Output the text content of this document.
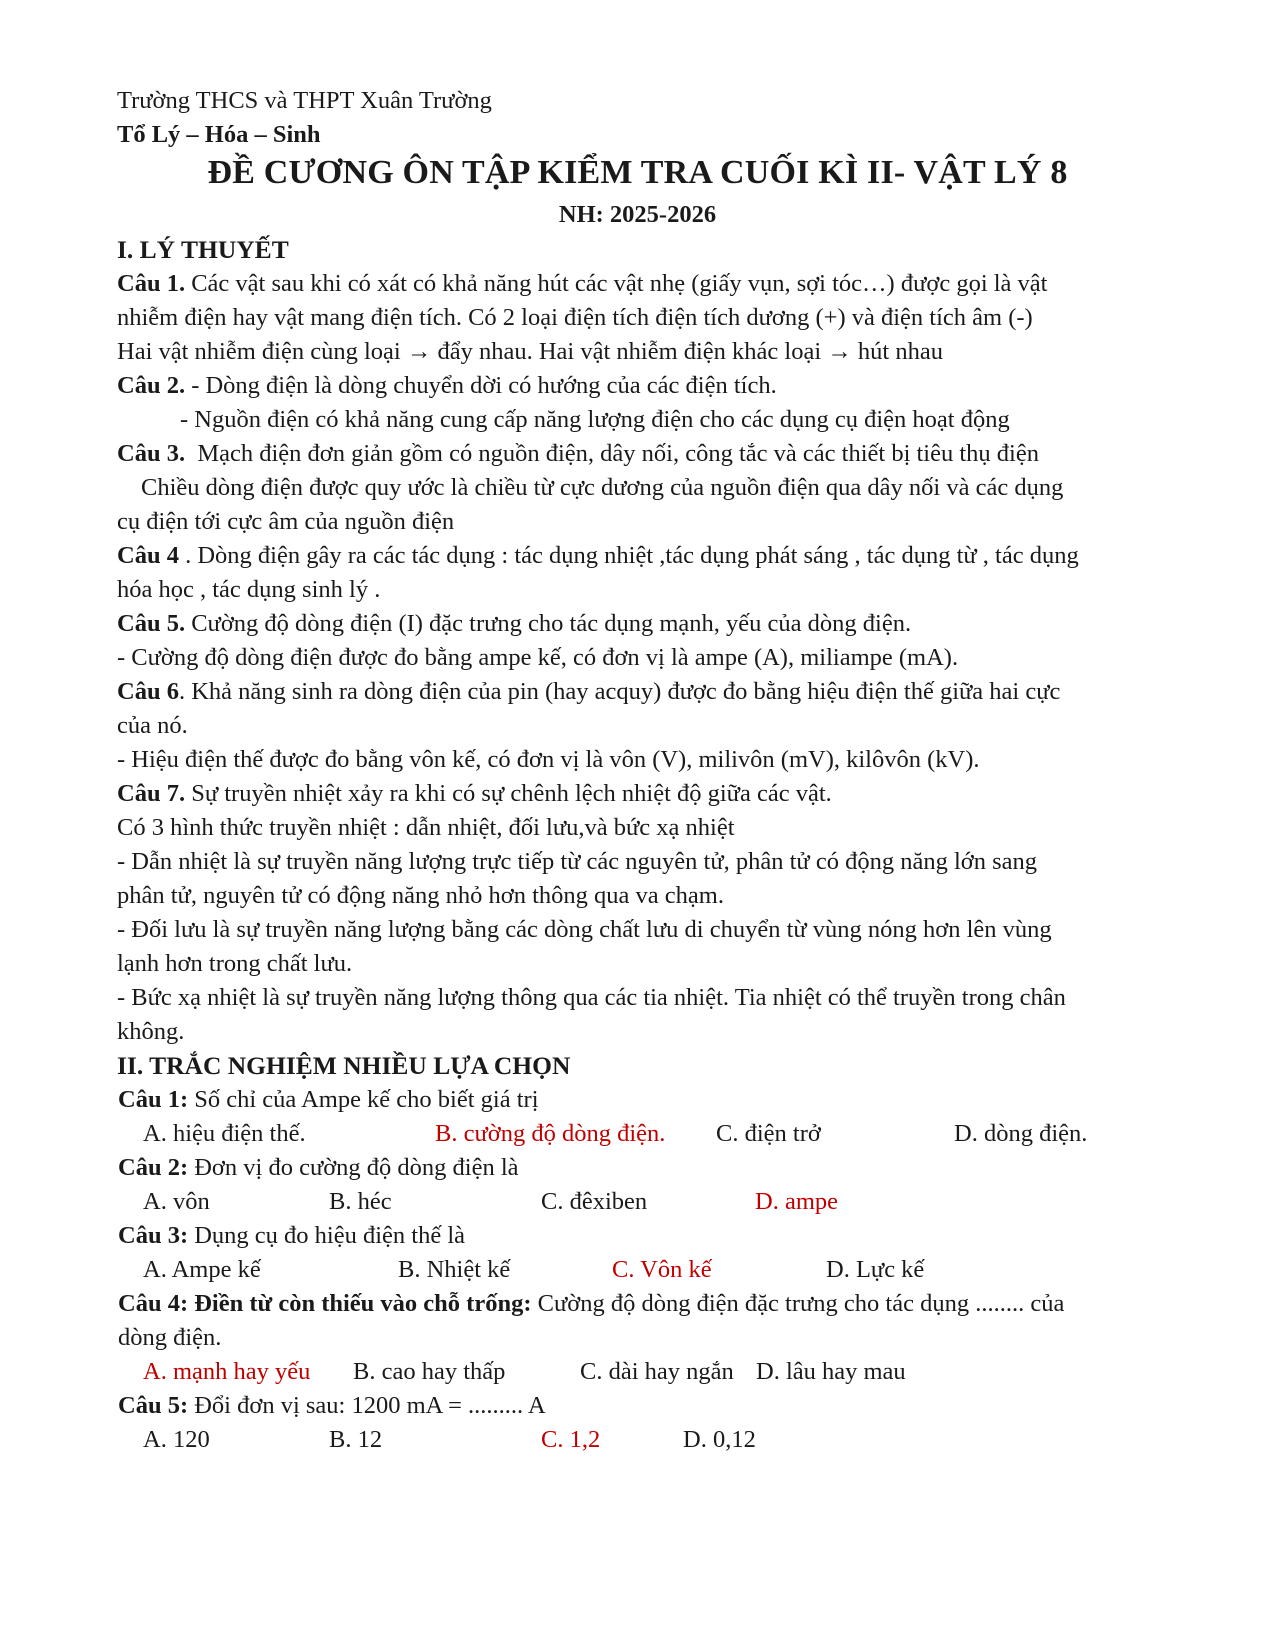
Trường THCS và THPT Xuân Trường
Tổ Lý – Hóa – Sinh
ĐỀ CƯƠNG ÔN TẬP KIỂM TRA CUỐI KÌ II- VẬT LÝ 8
NH: 2025-2026
I. LÝ THUYẾT
Câu 1. Các vật sau khi có xát có khả năng hút các vật nhẹ (giấy vụn, sợi tóc…) được gọi là vật
nhiễm điện hay vật mang điện tích. Có 2 loại điện tích điện tích dương (+) và điện tích âm (-)
Hai vật nhiễm điện cùng loại → đẩy nhau. Hai vật nhiễm điện khác loại → hút nhau
Câu 2. - Dòng điện là dòng chuyển dời có hướng của các điện tích.
- Nguồn điện có khả năng cung cấp năng lượng điện cho các dụng cụ điện hoạt động
Câu 3.  Mạch điện đơn giản gồm có nguồn điện, dây nối, công tắc và các thiết bị tiêu thụ điện
Chiều dòng điện được quy ước là chiều từ cực dương của nguồn điện qua dây nối và các dụng
cụ điện tới cực âm của nguồn điện
Câu 4 . Dòng điện gây ra các tác dụng : tác dụng nhiệt ,tác dụng phát sáng , tác dụng từ , tác dụng
hóa học , tác dụng sinh lý .
Câu 5. Cường độ dòng điện (I) đặc trưng cho tác dụng mạnh, yếu của dòng điện.
- Cường độ dòng điện được đo bằng ampe kế, có đơn vị là ampe (A), miliampe (mA).
Câu 6. Khả năng sinh ra dòng điện của pin (hay acquy) được đo bằng hiệu điện thế giữa hai cực
của nó.
- Hiệu điện thế được đo bằng vôn kế, có đơn vị là vôn (V), milivôn (mV), kilôvôn (kV).
Câu 7. Sự truyền nhiệt xảy ra khi có sự chênh lệch nhiệt độ giữa các vật.
Có 3 hình thức truyền nhiệt : dẫn nhiệt, đối lưu,và bức xạ nhiệt
- Dẫn nhiệt là sự truyền năng lượng trực tiếp từ các nguyên tử, phân tử có động năng lớn sang
phân tử, nguyên tử có động năng nhỏ hơn thông qua va chạm.
- Đối lưu là sự truyền năng lượng bằng các dòng chất lưu di chuyển từ vùng nóng hơn lên vùng
lạnh hơn trong chất lưu.
- Bức xạ nhiệt là sự truyền năng lượng thông qua các tia nhiệt. Tia nhiệt có thể truyền trong chân
không.
II. TRẮC NGHIỆM NHIỀU LỰA CHỌN
Câu 1: Số chỉ của Ampe kế cho biết giá trị
A. hiệu điện thế.	B. cường độ dòng điện. C. điện trở	D. dòng điện.
Câu 2: Đơn vị đo cường độ dòng điện là
A. vôn	B. héc	C. đêxiben	D. ampe
Câu 3: Dụng cụ đo hiệu điện thế là
A. Ampe kế	B. Nhiệt kế	C. Vôn kế	D. Lực kế
Câu 4: Điền từ còn thiếu vào chỗ trống: Cường độ dòng điện đặc trưng cho tác dụng ........ của
dòng điện.
A. mạnh hay yếu B. cao hay thấp	C. dài hay ngắn D. lâu hay mau
Câu 5: Đổi đơn vị sau: 1200 mA = ......... A
A. 120	B. 12	C. 1,2	D. 0,12
